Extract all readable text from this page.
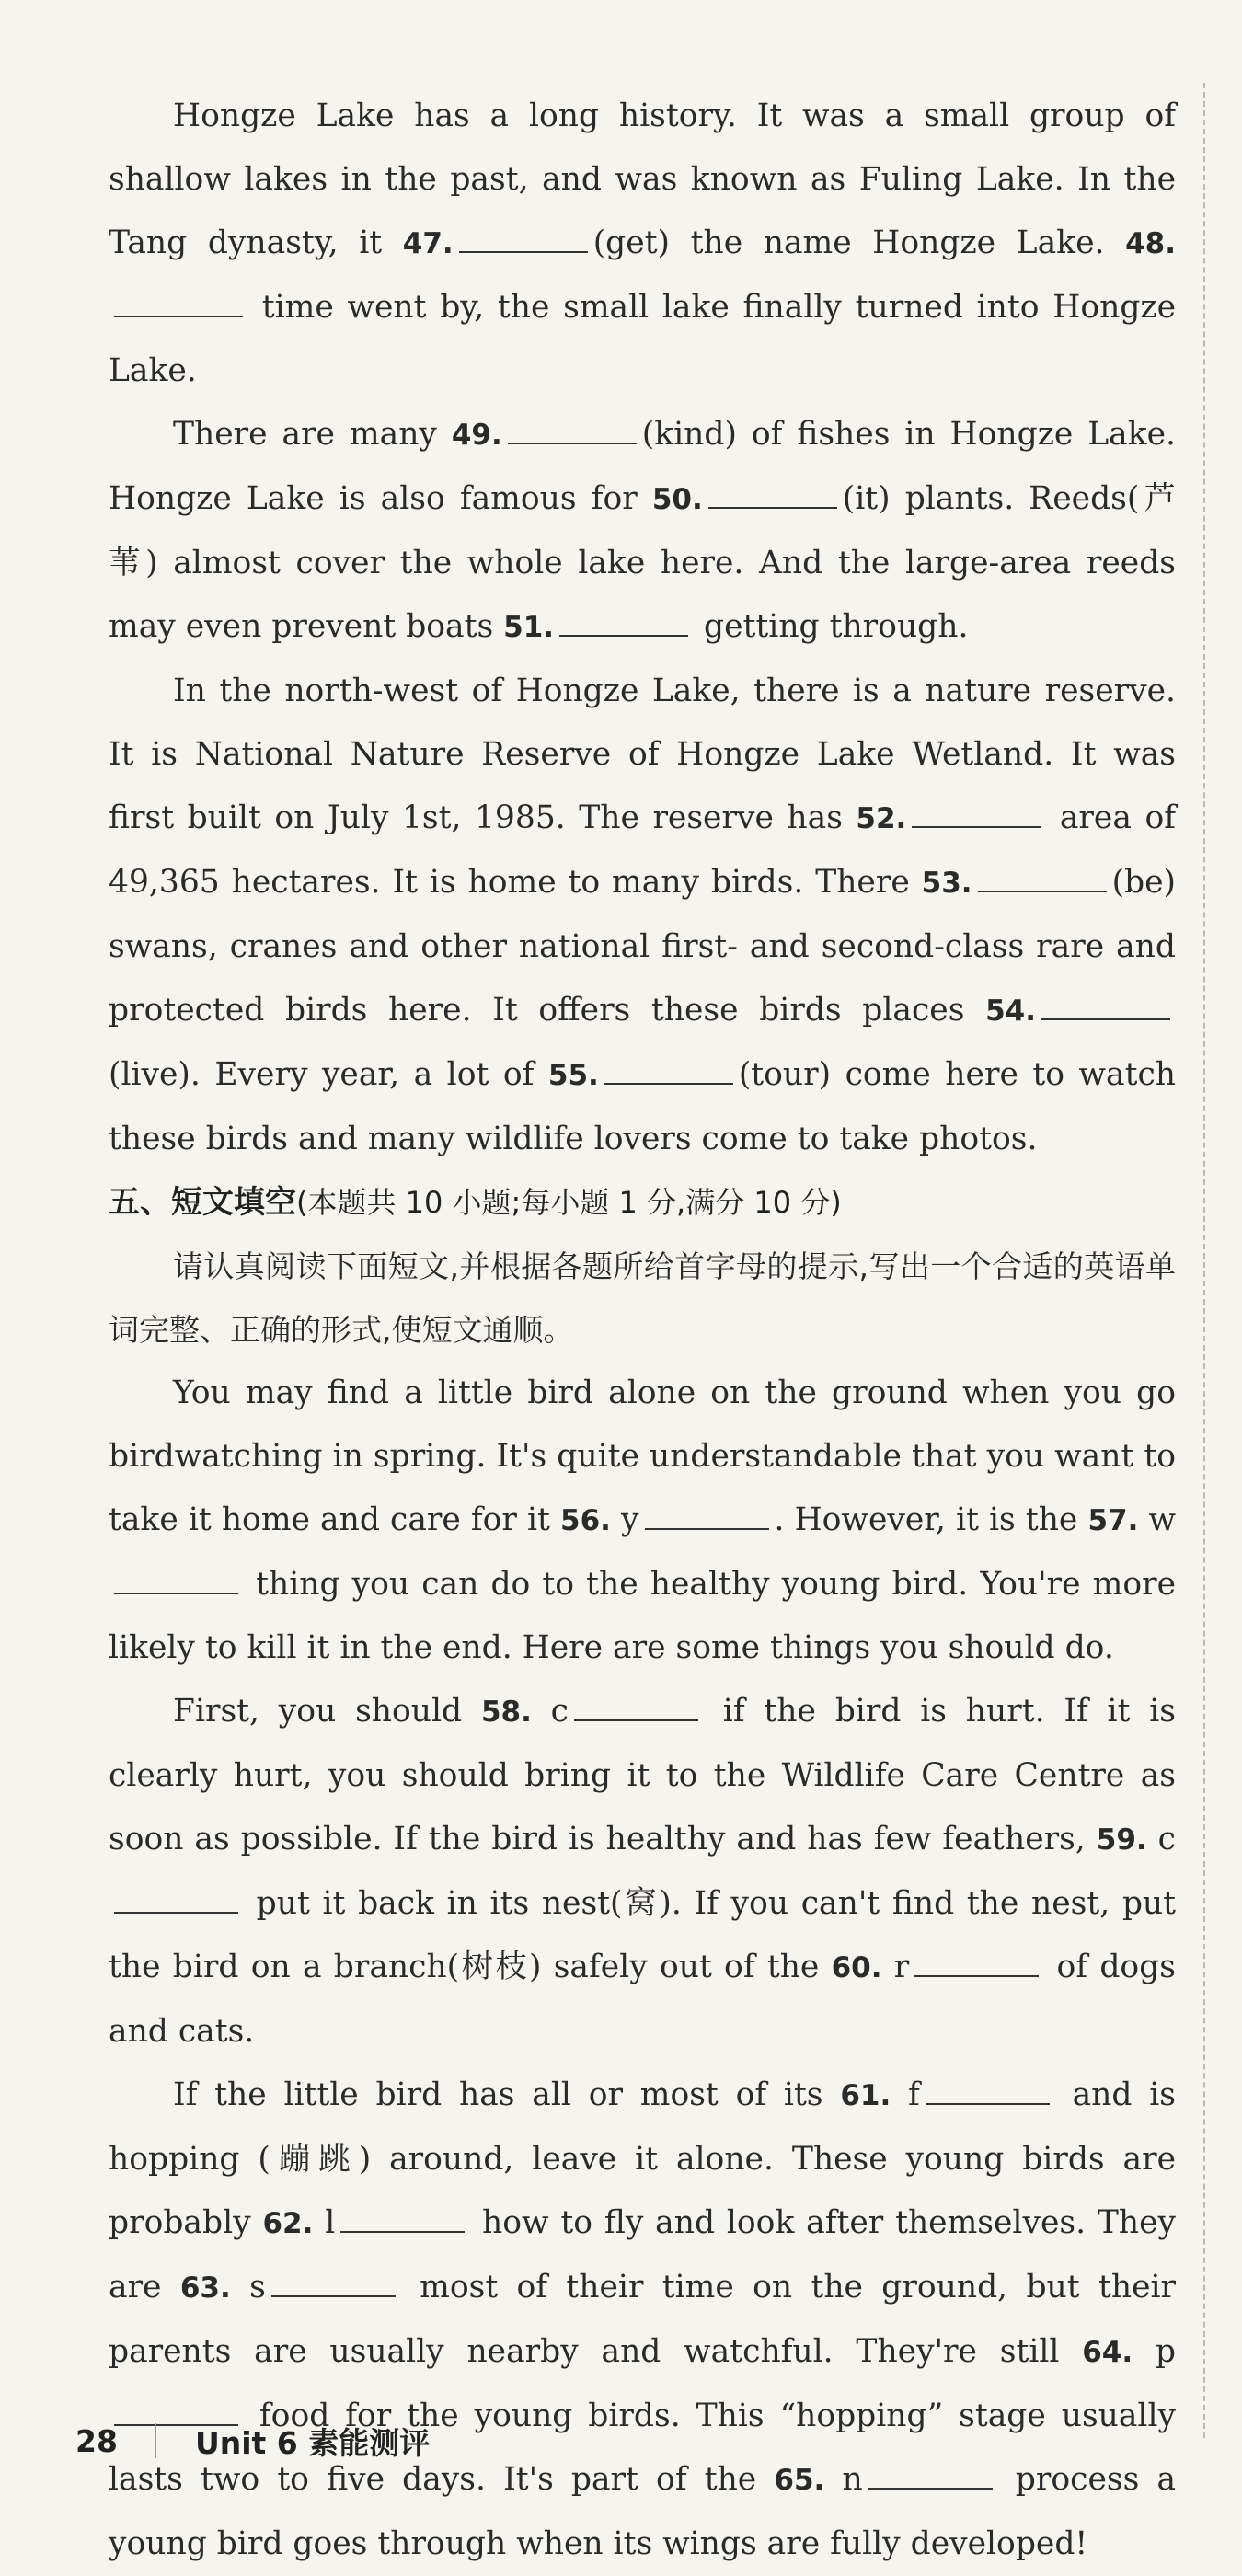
Hongze Lake has a long history. It was a small group of shallow lakes in the past, and was known as Fuling Lake. In the Tang dynasty, it 47.	(get) the name Hongze Lake. 48. time went by, the small lake finally turned into Hongze Lake.

There are many 49.	(kind) of fishes in Hongze Lake. Hongze Lake is also famous for 50.	(it) plants. Reeds(芦苇) almost cover the whole lake here. And the large-area reeds may even prevent boats 51.	getting through.

In the north-west of Hongze Lake, there is a nature reserve. It is National Nature Reserve of Hongze Lake Wetland. It was first built on July 1st, 1985. The reserve has 52.	area of 49,365 hectares. It is home to many birds. There 53.	(be) swans, cranes and other national first- and second-class rare and protected birds here. It offers these birds places 54.(live). Every year, a lot of 55.	(tour) come here to watch these birds and many wildlife lovers come to take photos.

五、短文填空(本题共 10 小题;每小题 1 分,满分 10 分)

请认真阅读下面短文,并根据各题所给首字母的提示,写出一个合适的英语单词完整、正确的形式,使短文通顺。

You may find a little bird alone on the ground when you go birdwatching in spring. It's quite understandable that you want to take it home and care for it 56. y	. However, it is the 57. w thing you can do to the healthy young bird. You're more likely to kill it in the end. Here are some things you should do.

First, you should 58. c	if the bird is hurt. If it is clearly hurt, you should bring it to the Wildlife Care Centre as soon as possible. If the bird is healthy and has few feathers, 59. c put it back in its nest(窝). If you can't find the nest, put the bird on a branch(树枝) safely out of the 60. r	of dogs and cats.

If the little bird has all or most of its 61. f	and is hopping (蹦跳) around, leave it alone. These young birds are probably 62. l	how to fly and look after themselves. They are 63. s	most of their time on the ground, but their parents are usually nearby and watchful. They're still 64. p food for the young birds. This “hopping” stage usually lasts two to five days. It's part of the 65. n	process a young bird goes through when its wings are fully developed!

28	Unit 6 素能测评
